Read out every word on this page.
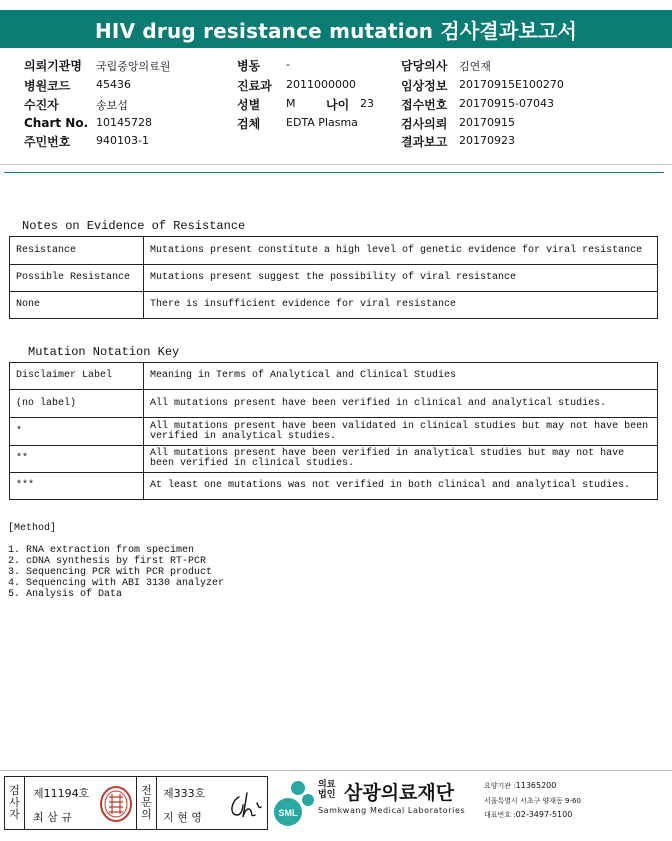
HIV drug resistance mutation 검사결과보고서
의뢰기관명 국립중앙의료원
병원코드 45436
수진자	송보섭
Chart No. 10145728
주민번호 940103-1
병동 -
진료과 2011000000
성별 M	나이 23
검체 EDTA Plasma
담당의사 김연재
임상정보 20170915E100270
접수번호 20170915-07043
검사의뢰 20170915
결과보고 20170923
Notes on Evidence of Resistance
Resistance	Mutations present constitute a high level of genetic evidence for viral resistance
Possible Resistance	Mutations present suggest the possibility of viral resistance
None	There is insufficient evidence for viral resistance
Mutation Notation Key
Disclaimer Label	Meaning in Terms of Analytical and Clinical Studies
(no label)	All mutations present have been verified in clinical and analytical studies.
*	All mutations present have been validated in clinical studies but may not have been verified in analytical studies.
**	All mutations present have been verified in analytical studies but may not have been verified in clinical studies.
***	At least one mutations was not verified in both clinical and analytical studies.
[Method]
1. RNA extraction from specimen
2. cDNA synthesis by first RT-PCR
3. Sequencing PCR with PCR product
4. Sequencing with ABI 3130 analyzer
5. Analysis of Data
검
사
자
제11194호
최 삼 규
전
문
의
제333호
지 현 영	SML
의료
법인 삼광의료재단
Samkwang Medical Laboratories
요양기관 :11365200
서울특별시 서초구 양재동 9-60
대표번호 :02-3497-5100
